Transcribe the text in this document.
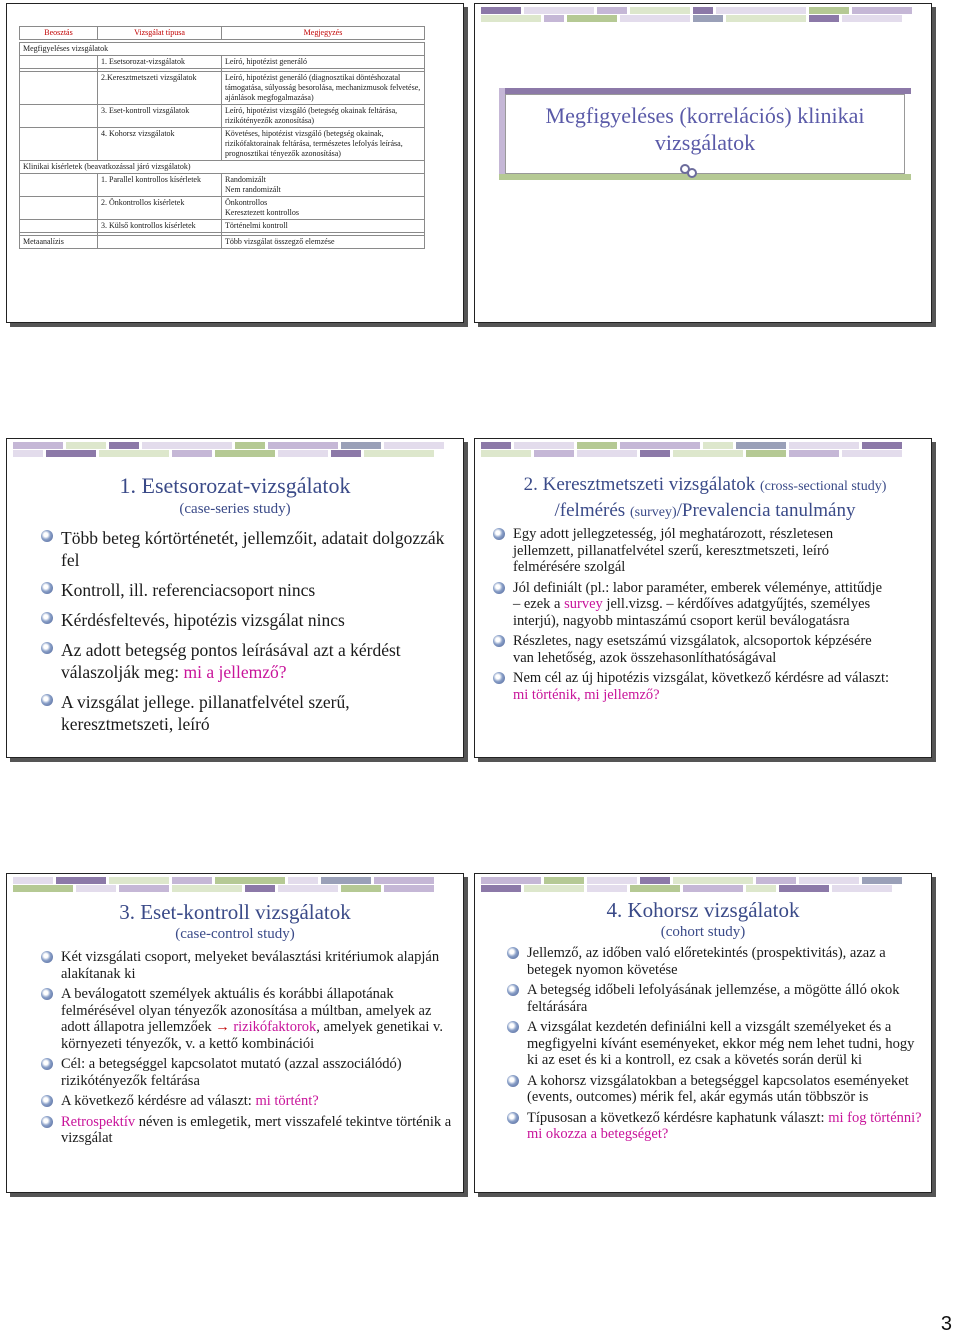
Beosztás	Vizsgálat típusa	Megjegyzés
Megfigyeléses vizsgálatok		
	1. Esetsorozat-vizsgálatok	Leíró, hipotézist generáló

	2.Keresztmetszeti vizsgálatok	Leíró, hipotézist generáló (diagnosztikai döntéshozatal támogatása, súlyosság besorolása, mechanizmusok felvetése, ajánlások megfogalmazása)
	3. Eset-kontroll vizsgálatok	Leíró, hipotézist vizsgáló (betegség okainak feltárása, rizikótényezők azonosítása)
	4. Kohorsz vizsgálatok	Követéses, hipotézist vizsgáló (betegség okainak, rizikófaktorainak feltárása, természetes lefolyás leírása, prognosztikai tényezők azonosítása)
Klinikai kísérletek (beavatkozással járó vizsgálatok)		
	1. Parallel kontrollos kísérletek	Randomizált
Nem randomizált
	2. Önkontrollos kísérletek	Önkontrollos
Keresztezett kontrollos
	3. Külső kontrollos kísérletek	Történelmi kontroll

Metaanalízis		Több vizsgálat összegző elemzése
Megfigyeléses (korrelációs) klinikai vizsgálatok
1. Esetsorozat-vizsgálatok
(case-series study)
Több beteg kórtörténetét, jellemzőit, adatait dolgozzák fel
Kontroll, ill. referenciacsoport nincs
Kérdésfeltevés, hipotézis vizsgálat nincs
Az adott betegség pontos leírásával azt a kérdést válaszolják meg: mi a jellemző?
A vizsgálat jellege. pillanatfelvétel szerű, keresztmetszeti, leíró
2. Keresztmetszeti vizsgálatok (cross-sectional study)
/felmérés (survey)/Prevalencia tanulmány
Egy adott jellegzetesség, jól meghatározott, részletesen jellemzett, pillanatfelvétel szerű, keresztmetszeti, leíró felmérésére szolgál
Jól definiált (pl.: labor paraméter, emberek véleménye, attitűdje – ezek a survey jell.vizsg. – kérdőíves adatgyűjtés, személyes interjú), nagyobb mintaszámú csoport kerül beválogatásra
Részletes, nagy esetszámú vizsgálatok, alcsoportok képzésére van lehetőség, azok összehasonlíthatóságával
Nem cél az új hipotézis vizsgálat, következő kérdésre ad választ: mi történik, mi jellemző?
3. Eset-kontroll vizsgálatok
(case-control study)
Két vizsgálati csoport, melyeket beválasztási kritériumok alapján alakítanak ki
A beválogatott személyek aktuális és korábbi állapotának felmérésével olyan tényezők azonosítása a múltban, amelyek az adott állapotra jellemzőek → rizikófaktorok, amelyek genetikai v. környezeti tényezők, v. a kettő kombinációi
Cél: a betegséggel kapcsolatot mutató (azzal asszociálódó) rizikótényezők feltárása
A következő kérdésre ad választ: mi történt?
Retrospektív néven is emlegetik, mert visszafelé tekintve történik a vizsgálat
4. Kohorsz vizsgálatok
(cohort study)
Jellemző, az időben való előretekintés (prospektivitás), azaz a betegek nyomon követése
A betegség időbeli lefolyásának jellemzése, a mögötte álló okok feltárására
A vizsgálat kezdetén definiálni kell a vizsgált személyeket és a megfigyelni kívánt eseményeket, ekkor még nem lehet tudni, hogy ki az eset és ki a kontroll, ez csak a követés során derül ki
A kohorsz vizsgálatokban a betegséggel kapcsolatos eseményeket (events, outcomes) mérik fel, akár egymás után többször is
Típusosan a következő kérdésre kaphatunk választ: mi fog történni? mi okozza a betegséget?
3
